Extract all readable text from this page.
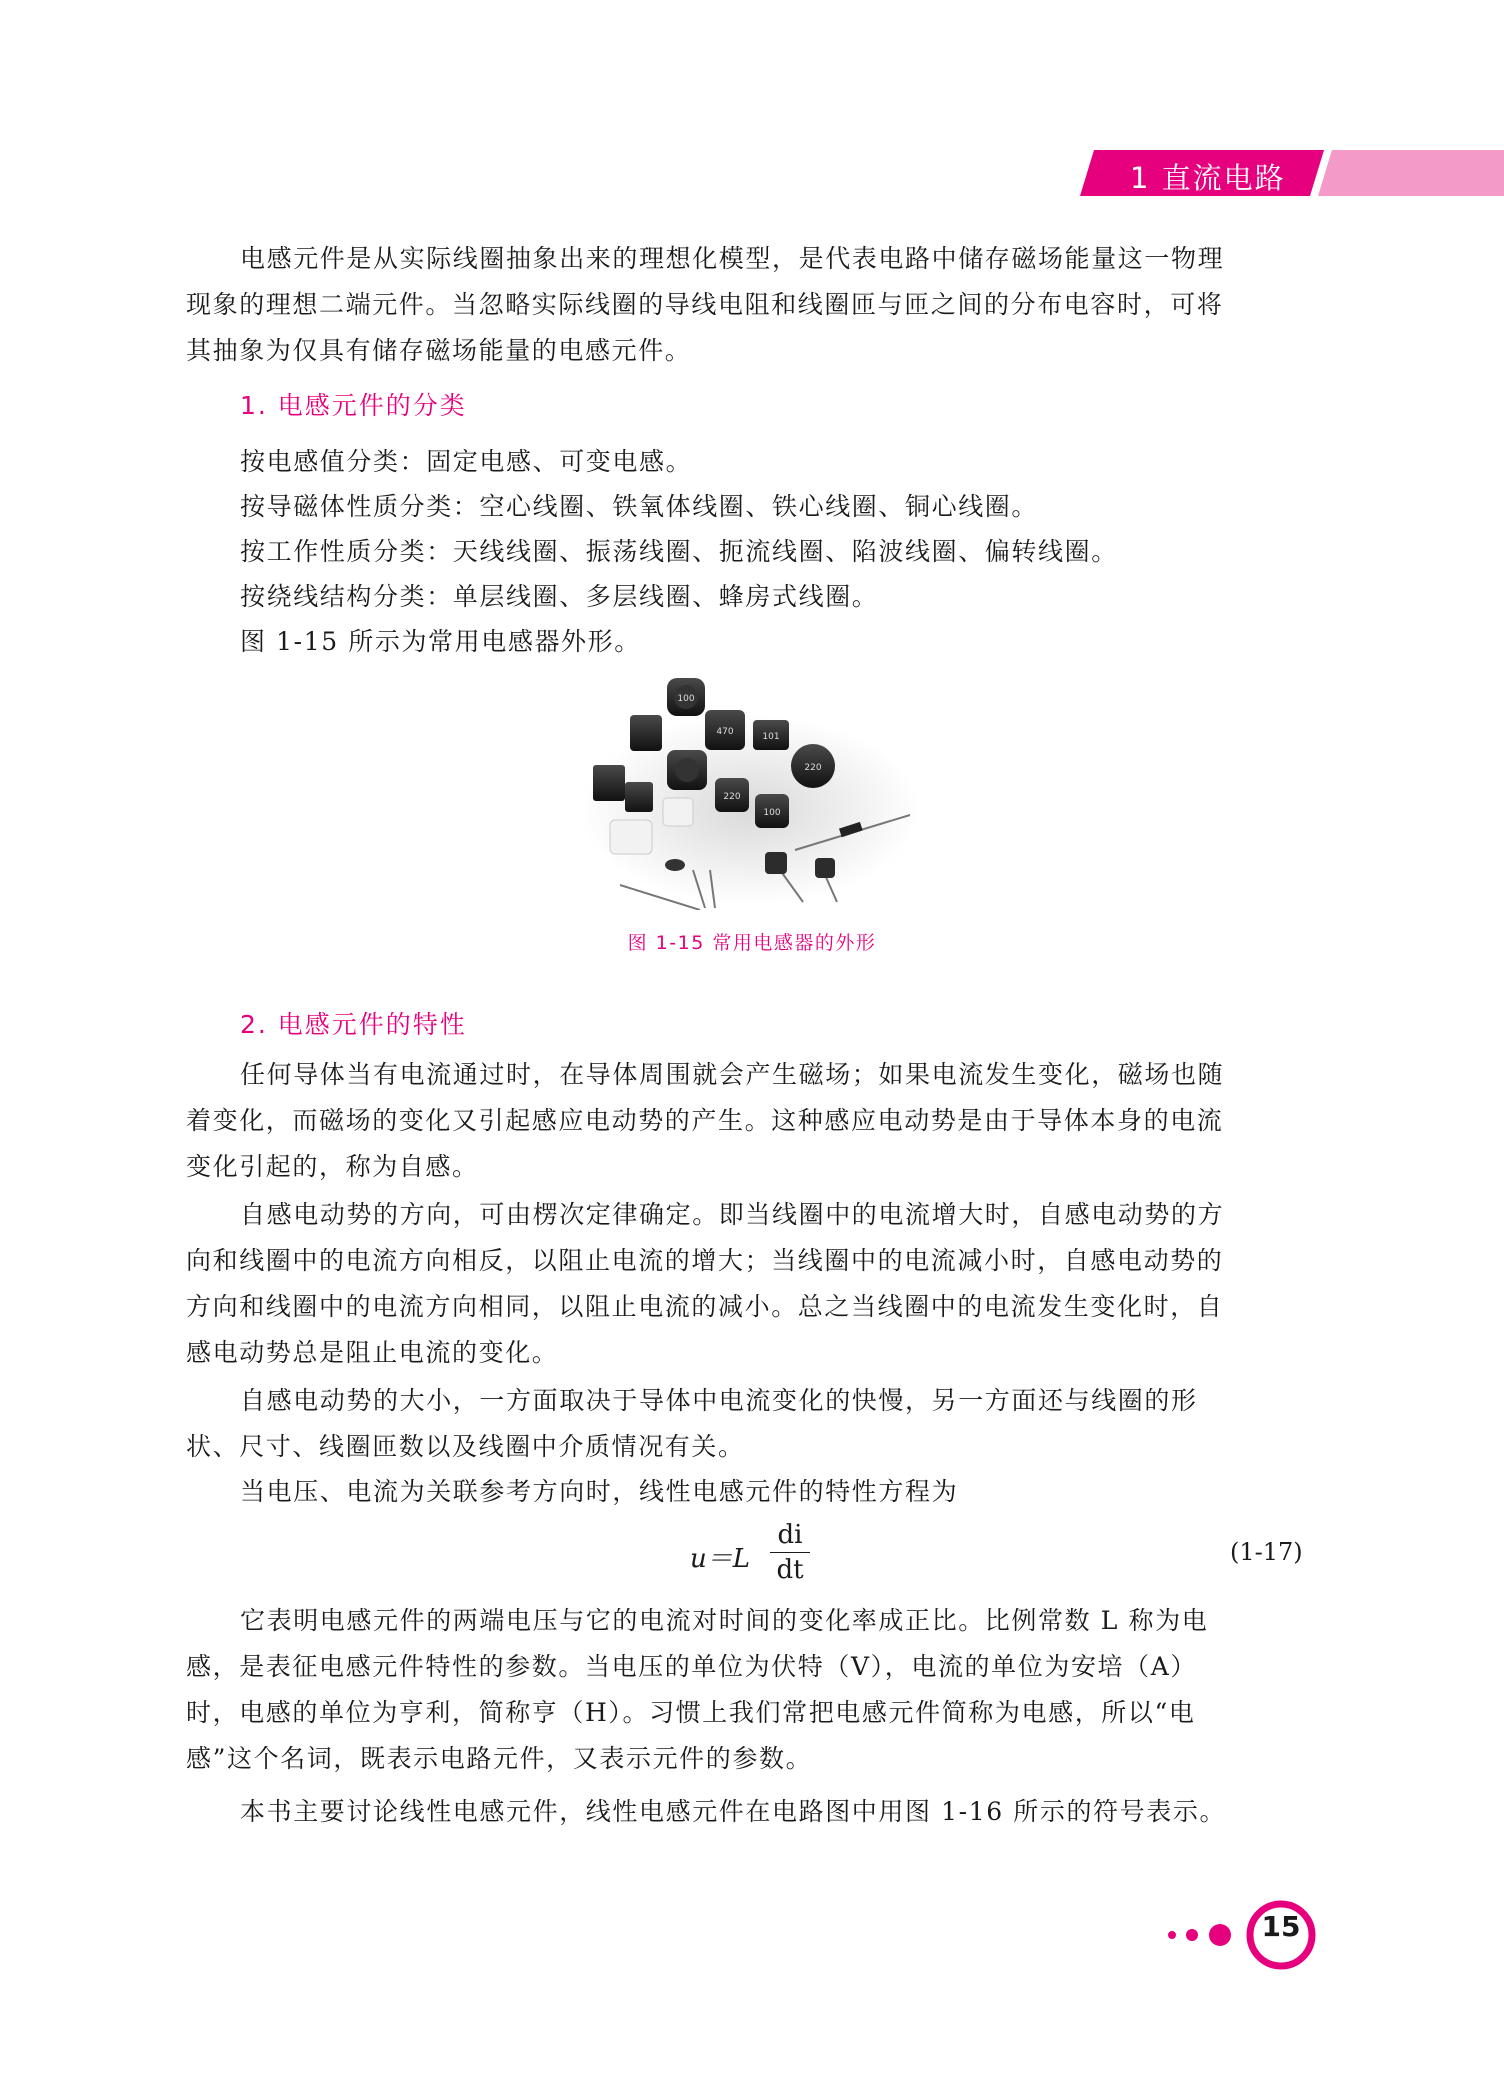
1 直流电路
电感元件是从实际线圈抽象出来的理想化模型，是代表电路中储存磁场能量这一物理
现象的理想二端元件。当忽略实际线圈的导线电阻和线圈匝与匝之间的分布电容时，可将
其抽象为仅具有储存磁场能量的电感元件。

1. 电感元件的分类

按电感值分类：固定电感、可变电感。

按导磁体性质分类：空心线圈、铁氧体线圈、铁心线圈、铜心线圈。

按工作性质分类：天线线圈、振荡线圈、扼流线圈、陷波线圈、偏转线圈。

按绕线结构分类：单层线圈、多层线圈、蜂房式线圈。

图 1-15 所示为常用电感器外形。

100
470	101
220
220
100
图 1-15 常用电感器的外形

2. 电感元件的特性

任何导体当有电流通过时，在导体周围就会产生磁场；如果电流发生变化，磁场也随
着变化，而磁场的变化又引起感应电动势的产生。这种感应电动势是由于导体本身的电流
变化引起的，称为自感。
自感电动势的方向，可由楞次定律确定。即当线圈中的电流增大时，自感电动势的方
向和线圈中的电流方向相反，以阻止电流的增大；当线圈中的电流减小时，自感电动势的
方向和线圈中的电流方向相同，以阻止电流的减小。总之当线圈中的电流发生变化时，自
感电动势总是阻止电流的变化。
自感电动势的大小，一方面取决于导体中电流变化的快慢，另一方面还与线圈的形
状、尺寸、线圈匝数以及线圈中介质情况有关。

当电压、电流为关联参考方向时，线性电感元件的特性方程为

u＝L
di
dt
(1-17)
它表明电感元件的两端电压与它的电流对时间的变化率成正比。比例常数 L 称为电
感，是表征电感元件特性的参数。当电压的单位为伏特（V），电流的单位为安培（A）
时，电感的单位为亨利，简称亨（H）。习惯上我们常把电感元件简称为电感，所以“电
感”这个名词，既表示电路元件，又表示元件的参数。

本书主要讨论线性电感元件，线性电感元件在电路图中用图 1-16 所示的符号表示。

15
